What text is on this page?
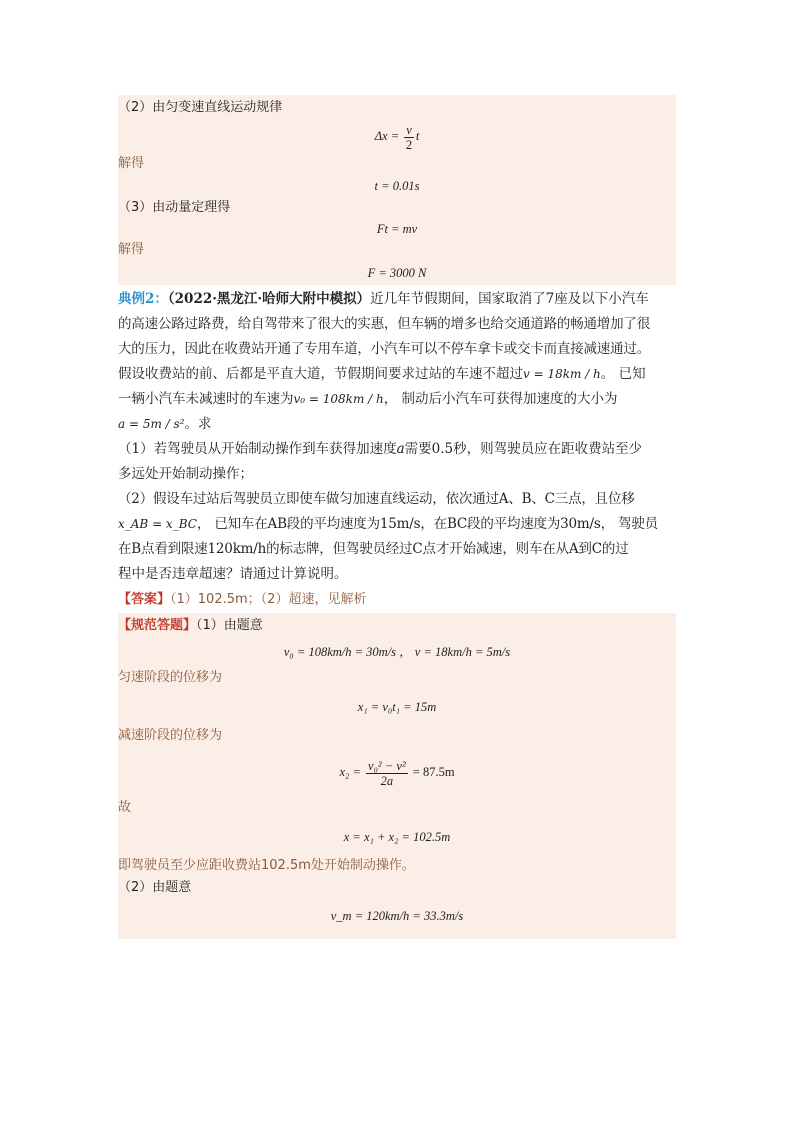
（2）由匀变速直线运动规律
$\Delta x = \frac{v}{2}$ t
解得
t = 0.01s
（3）由动量定理得
Ft = mv
解得
F = 3000 N
典例2：（2022·黑龙江·哈师大附中模拟）近几年节假期间，国家取消了7座及以下小汽车
的高速公路过路费，给自驾带来了很大的实惠，但车辆的增多也给交通道路的畅通增加了很
大的压力，因此在收费站开通了专用车道，小汽车可以不停车拿卡或交卡而直接减速通过。
假设收费站的前、后都是平直大道，节假期间要求过站的车速不超过v = 18km / h。 已知
一辆小汽车未减速时的车速为v₀ = 108km / h， 制动后小汽车可获得加速度的大小为
a = 5m / s²。求
（1）若驾驶员从开始制动操作到车获得加速度a需要0.5秒，则驾驶员应在距收费站至少
多远处开始制动操作；
（2）假设车过站后驾驶员立即使车做匀加速直线运动，依次通过A、B、C三点，且位移
x_AB = x_BC， 已知车在AB段的平均速度为15m/s，在BC段的平均速度为30m/s， 驾驶员
在B点看到限速120km/h的标志牌，但驾驶员经过C点才开始减速，则车在从A到C的过
程中是否违章超速？请通过计算说明。
【答案】（1）102.5m；（2）超速，见解析
【规范答题】（1）由题意
v₀ = 108km/h = 30m/s ， v = 18km/h = 5m/s
匀速阶段的位移为
x₁ = v₀t₁ = 15m
减速阶段的位移为
$x_2 = \frac{\text{v₀² − v²}}{2a} = 87.5m$
故
x = x₁ + x₂ = 102.5m
即驾驶员至少应距收费站102.5m处开始制动操作。
（2）由题意
v_m = 120km/h = 33.3m/s
